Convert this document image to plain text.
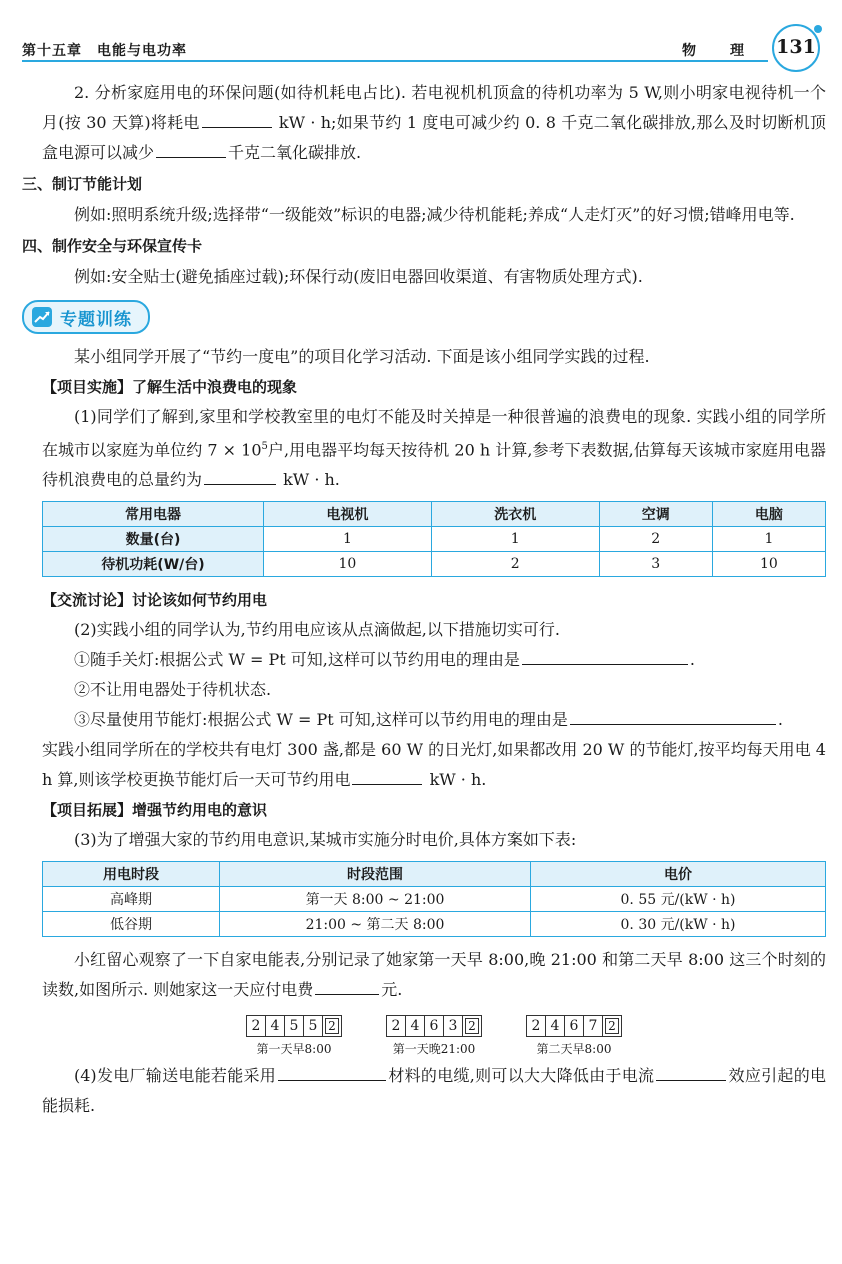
第十五章　电能与电功率	物　理 131

2. 分析家庭用电的环保问题(如待机耗电占比). 若电视机机顶盒的待机功率为 5 W,则小明家电视待机一个月(按 30 天算)将耗电	kW · h;如果节约 1 度电可减少约 0. 8 千克二氧化碳排放,那么及时切断机顶盒电源可以减少	千克二氧化碳排放.

三、制订节能计划

例如:照明系统升级;选择带“一级能效”标识的电器;减少待机能耗;养成“人走灯灭”的好习惯;错峰用电等.

四、制作安全与环保宣传卡

例如:安全贴士(避免插座过载);环保行动(废旧电器回收渠道、有害物质处理方式).

专题训练

某小组同学开展了“节约一度电”的项目化学习活动. 下面是该小组同学实践的过程.

【项目实施】了解生活中浪费电的现象

(1)同学们了解到,家里和学校教室里的电灯不能及时关掉是一种很普遍的浪费电的现象. 实践小组的同学所在城市以家庭为单位约 $7 \times 10^5$户,用电器平均每天按待机 20 h 计算,参考下表数据,估算每天该城市家庭用电器待机浪费电的总量约为	kW · h.

常用电器	电视机	洗衣机	空调	电脑
数量(台)	1	1	2	1
待机功耗(W/台)	10	2	3	10
【交流讨论】讨论该如何节约用电

(2)实践小组的同学认为,节约用电应该从点滴做起,以下措施切实可行.

①随手关灯:根据公式 W = Pt 可知,这样可以节约用电的理由是	.

②不让用电器处于待机状态.

③尽量使用节能灯:根据公式 W = Pt 可知,这样可以节约用电的理由是	.

实践小组同学所在的学校共有电灯 300 盏,都是 60 W 的日光灯,如果都改用 20 W 的节能灯,按平均每天用电 4 h 算,则该学校更换节能灯后一天可节约用电	kW · h.

【项目拓展】增强节约用电的意识

(3)为了增强大家的节约用电意识,某城市实施分时电价,具体方案如下表:

用电时段	时段范围	电价
高峰期	第一天 8:00 ~ 21:00	0. 55 元/(kW · h)
低谷期	21:00 ~ 第二天 8:00	0. 30 元/(kW · h)

小红留心观察了一下自家电能表,分别记录了她家第一天早 8:00,晚 21:00 和第二天早 8:00 这三个时刻的读数,如图所示. 则她家这一天应付电费	元.

2 4 5 5 2
第一天早8:00
2 4 6 3 2
第一天晚21:00
2 4 6 7 2
第二天早8:00

(4)发电厂输送电能若能采用	材料的电缆,则可以大大降低由于电流	效应引起的电能损耗.
